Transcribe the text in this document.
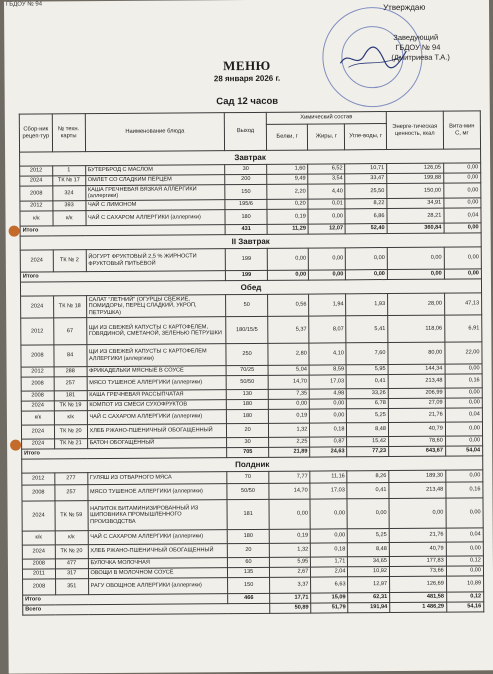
ГБДОУ № 94	Утверждаю
Заведующий
ГБДОУ № 94
(Дмитриева Т.А.)
МЕНЮ
28 января 2026 г.
Сад 12 часов
Сбор-ник рецеп-тур	№ техн. карты	Наименование блюда	Выход	Химический состав			Энерге-тическая ценность, ккал	Вита-мин С, мг
				Белки, г	Жиры, г	Угле-воды, г		
Завтрак								
2012	1	БУТЕРБРОД С МАСЛОМ	30	1,60	6,52	10,71	126,05	0,00
2024	ТК № 17	ОМЛЕТ СО СЛАДКИМ ПЕРЦЕМ	200	9,49	3,54	33,47	199,88	0,00
2008	324	КАША ГРЕЧНЕВАЯ ВЯЗКАЯ АЛЛЕРГИКИ (аллергики)	150	2,20	4,40	25,50	150,00	0,00
2012	393	ЧАЙ С ЛИМОНОМ	195/6	0,20	0,01	8,22	34,91	0,00
к/к	к/к	ЧАЙ С САХАРОМ АЛЛЕРГИКИ (аллергики)	180	0,19	0,00	6,86	28,21	0,04
Итого			431	11,29	12,07	52,40	360,84	0,00
II Завтрак								
2024	ТК № 2	ЙОГУРТ ФРУКТОВЫЙ 2,5 % ЖИРНОСТИ ФРУКТОВЫЙ ПИТЬЕВОЙ	199	0,00	0,00	0,00	0,00	0,00
Итого			199	0,00	0,00	0,00	0,00	0,00
Обед								
2024	ТК № 18	САЛАТ "ЛЕТНИЙ" (ОГУРЦЫ СВЕЖИЕ, ПОМИДОРЫ, ПЕРЕЦ СЛАДКИЙ, УКРОП, ПЕТРУШКА)	50	0,56	1,94	1,93	28,00	47,13
2012	67	ЩИ ИЗ СВЕЖЕЙ КАПУСТЫ С КАРТОФЕЛЕМ, ГОВЯДИНОЙ, СМЕТАНОЙ, ЗЕЛЕНЬЮ ПЕТРУШКИ	180/15/5	5,37	8,07	5,41	118,06	6,91
2008	84	ЩИ ИЗ СВЕЖЕЙ КАПУСТЫ С КАРТОФЕЛЕМ АЛЛЕРГИКИ (аллергики)	250	2,80	4,10	7,60	80,00	22,00
2012	288	ФРИКАДЕЛЬКИ МЯСНЫЕ В СОУСЕ	70/25	5,04	8,59	5,95	144,34	0,00
2008	257	МЯСО ТУШЕНОЕ АЛЛЕРГИКИ (аллергики)	50/50	14,70	17,03	0,41	213,48	0,16
2008	181	КАША ГРЕЧНЕВАЯ РАССЫПЧАТАЯ	130	7,35	4,98	33,26	206,99	0,00
2024	ТК № 19	КОМПОТ ИЗ СМЕСИ СУХОФРУКТОВ	180	0,00	0,00	6,78	27,09	0,00
к/к	к/к	ЧАЙ С САХАРОМ АЛЛЕРГИКИ (аллергики)	180	0,19	0,00	5,25	21,76	0,04
2024	ТК № 20	ХЛЕБ РЖАНО-ПШЕНИЧНЫЙ ОБОГАЩЕННЫЙ	20	1,32	0,18	8,48	40,79	0,00
2024	ТК № 21	БАТОН ОБОГАЩЕННЫЙ	30	2,25	0,87	15,42	78,60	0,00
Итого			705	21,89	24,63	77,23	643,67	54,04
Полдник								
2012	277	ГУЛЯШ ИЗ ОТВАРНОГО МЯСА	70	7,77	11,16	8,26	189,30	0,00
2008	257	МЯСО ТУШЕНОЕ АЛЛЕРГИКИ (аллергики)	50/50	14,70	17,03	0,41	213,48	0,16
2024	ТК № 59	НАПИТОК ВИТАМИНИЗИРОВАННЫЙ ИЗ ШИПОВНИКА ПРОМЫШЛЕННОГО ПРОИЗВОДСТВА	181	0,00	0,00	0,00	0,00	0,00
к/к	к/к	ЧАЙ С САХАРОМ АЛЛЕРГИКИ (аллергики)	180	0,19	0,00	5,25	21,76	0,04
2024	ТК № 20	ХЛЕБ РЖАНО-ПШЕНИЧНЫЙ ОБОГАЩЕННЫЙ	20	1,32	0,18	8,48	40,79	0,00
2008	477	БУЛОЧКА МОЛОЧНАЯ	60	5,95	1,71	34,65	177,83	0,12
2011	317	ОВОЩИ В МОЛОЧНОМ СОУСЕ	135	2,67	2,04	10,92	73,66	0,00
2008	351	РАГУ ОВОЩНОЕ АЛЛЕРГИКИ (аллергики)	150	3,37	6,63	12,97	126,69	10,89
Итого			466	17,71	15,09	62,31	481,58	0,12
Всего				50,89	51,79	191,94	1 486,29	54,16
